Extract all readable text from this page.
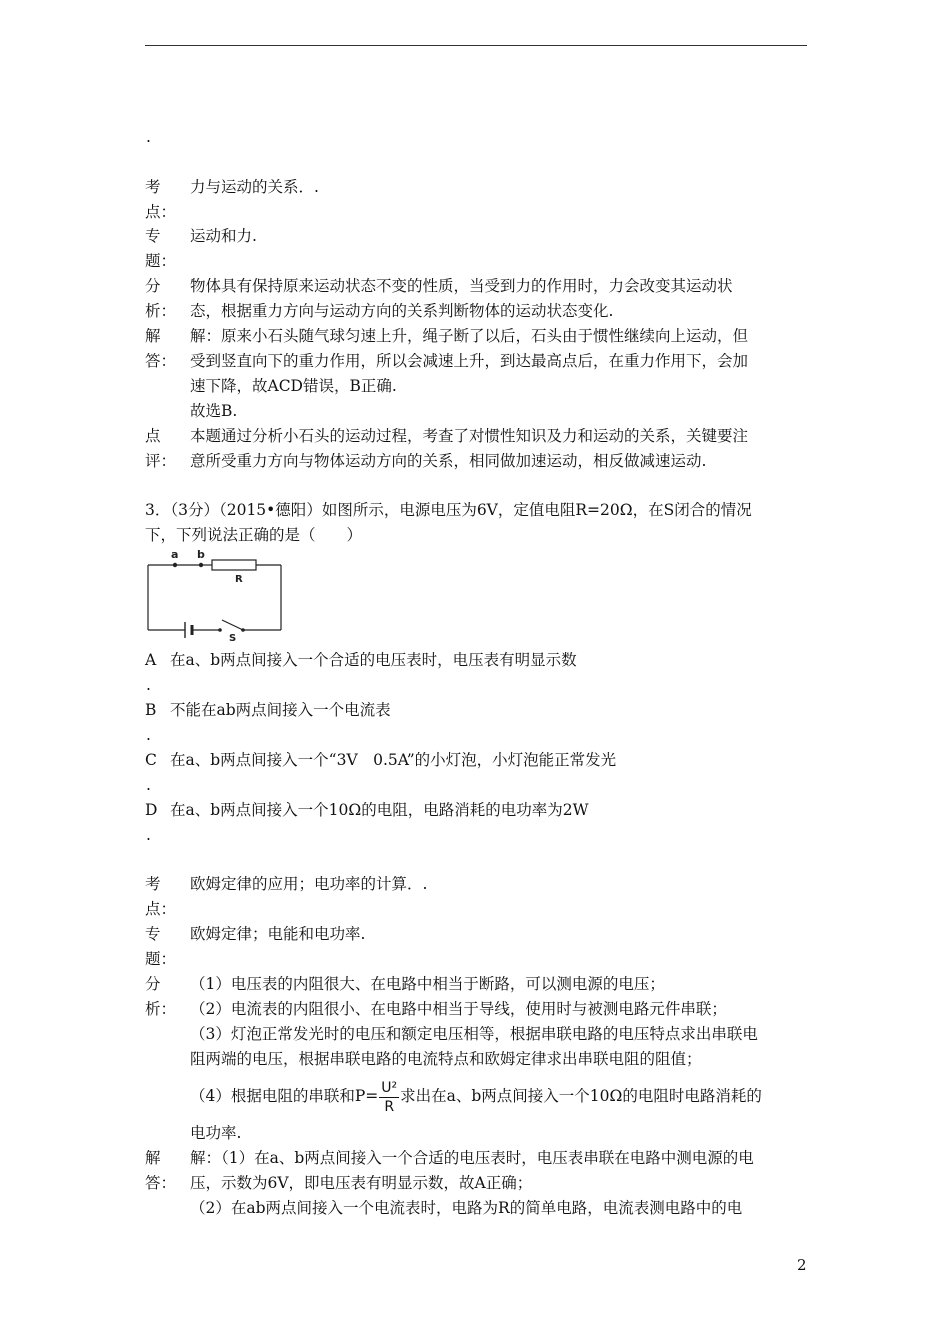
.
考
点：
力与运动的关系．.
专
题：
运动和力.
分
析：
物体具有保持原来运动状态不变的性质，当受到力的作用时，力会改变其运动状
态，根据重力方向与运动方向的关系判断物体的运动状态变化.
解
答：
解：原来小石头随气球匀速上升，绳子断了以后，石头由于惯性继续向上运动，但
受到竖直向下的重力作用，所以会减速上升，到达最高点后，在重力作用下，会加
速下降，故ACD错误，B正确.
故选B.
点
评：
本题通过分析小石头的运动过程，考查了对惯性知识及力和运动的关系，关键要注
意所受重力方向与物体运动方向的关系，相同做加速运动，相反做减速运动.
3．（3分）（2015•德阳）如图所示，电源电压为6V，定值电阻R=20Ω，在S闭合的情况
下，下列说法正确的是（　　）
a b
R
S
A 在a、b两点间接入一个合适的电压表时，电压表有明显示数
.
B 不能在ab两点间接入一个电流表
.
C 在a、b两点间接入一个“3V　0.5A”的小灯泡，小灯泡能正常发光
.
D 在a、b两点间接入一个10Ω的电阻，电路消耗的电功率为2W
.
考
点：
欧姆定律的应用；电功率的计算．.
专
题：
欧姆定律；电能和电功率.
分
析：
（1）电压表的内阻很大、在电路中相当于断路，可以测电源的电压；
（2）电流表的内阻很小、在电路中相当于导线，使用时与被测电路元件串联；
（3）灯泡正常发光时的电压和额定电压相等，根据串联电路的电压特点求出串联电
阻两端的电压，根据串联电路的电流特点和欧姆定律求出串联电阻的阻值；
（4）根据电阻的串联和$P= \frac{\text{U²}}{R}$ 求出在a、b两点间接入一个10Ω的电阻时电路消耗的
电功率.
解
答：
解：（1）在a、b两点间接入一个合适的电压表时，电压表串联在电路中测电源的电
压，示数为6V，即电压表有明显示数，故A正确；
（2）在ab两点间接入一个电流表时，电路为R的简单电路，电流表测电路中的电
2
